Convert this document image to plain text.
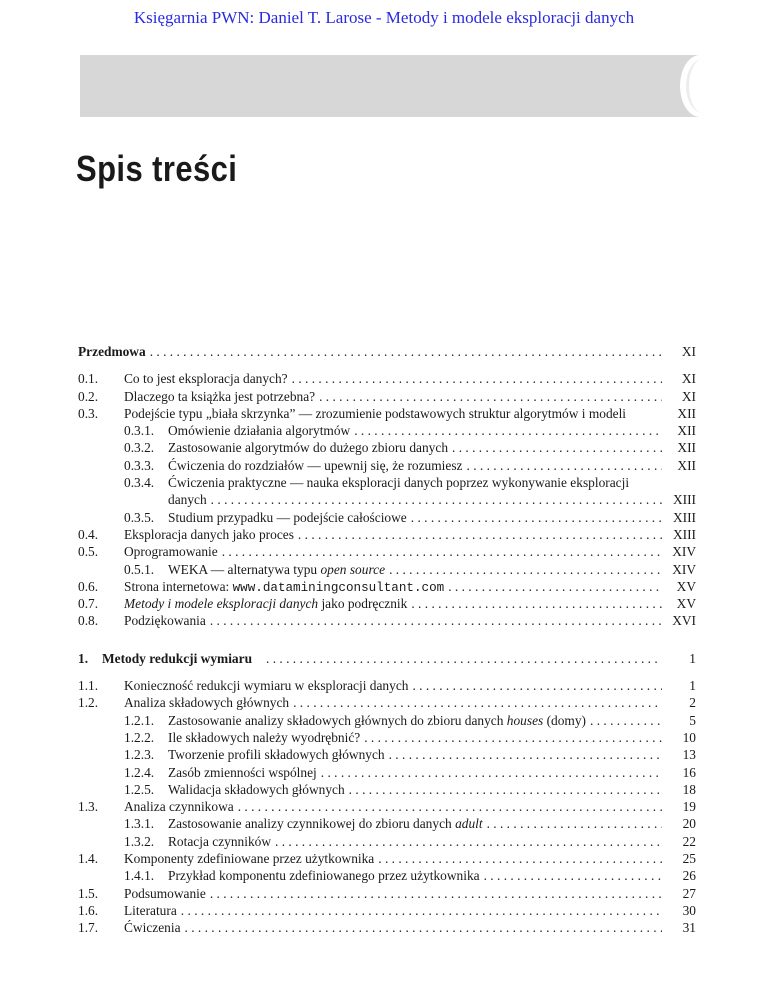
Księgarnia PWN: Daniel T. Larose - Metody i modele eksploracji danych
Spis treści
Przedmowa . . .	XI
0.1.	Co to jest eksploracja danych? . . .	XI
0.2.	Dlaczego ta książka jest potrzebna? . . .	XI
0.3.	Podejście typu „biała skrzynka” — zrozumienie podstawowych struktur algorytmów i modeli	XII
0.3.1.	Omówienie działania algorytmów . . .	XII
0.3.2.	Zastosowanie algorytmów do dużego zbioru danych . . .	XII
0.3.3.	Ćwiczenia do rozdziałów — upewnij się, że rozumiesz . . .	XII
0.3.4.	Ćwiczenia praktyczne — nauka eksploracji danych poprzez wykonywanie eksploracji
danych . . .	XIII
0.3.5.	Studium przypadku — podejście całościowe . . .	XIII
0.4.	Eksploracja danych jako proces . . .	XIII
0.5.	Oprogramowanie . . .	XIV
0.5.1.	WEKA — alternatywa typu open source . . .	XIV
0.6.	Strona internetowa: www.dataminingconsultant.com . . .	XV
0.7.	Metody i modele eksploracji danych jako podręcznik . . .	XV
0.8.	Podziękowania . . .	XVI
1.	Metody redukcji wymiaru . . .	1
1.1.	Konieczność redukcji wymiaru w eksploracji danych . . .	1
1.2.	Analiza składowych głównych . . .	2
1.2.1.	Zastosowanie analizy składowych głównych do zbioru danych houses (domy) . . .	5
1.2.2.	Ile składowych należy wyodrębnić? . . .	10
1.2.3.	Tworzenie profili składowych głównych . . .	13
1.2.4.	Zasób zmienności wspólnej . . .	16
1.2.5.	Walidacja składowych głównych . . .	18
1.3.	Analiza czynnikowa . . .	19
1.3.1.	Zastosowanie analizy czynnikowej do zbioru danych adult . . .	20
1.3.2.	Rotacja czynników . . .	22
1.4.	Komponenty zdefiniowane przez użytkownika . . .	25
1.4.1.	Przykład komponentu zdefiniowanego przez użytkownika . . .	26
1.5.	Podsumowanie . . .	27
1.6.	Literatura . . .	30
1.7.	Ćwiczenia . . .	31
